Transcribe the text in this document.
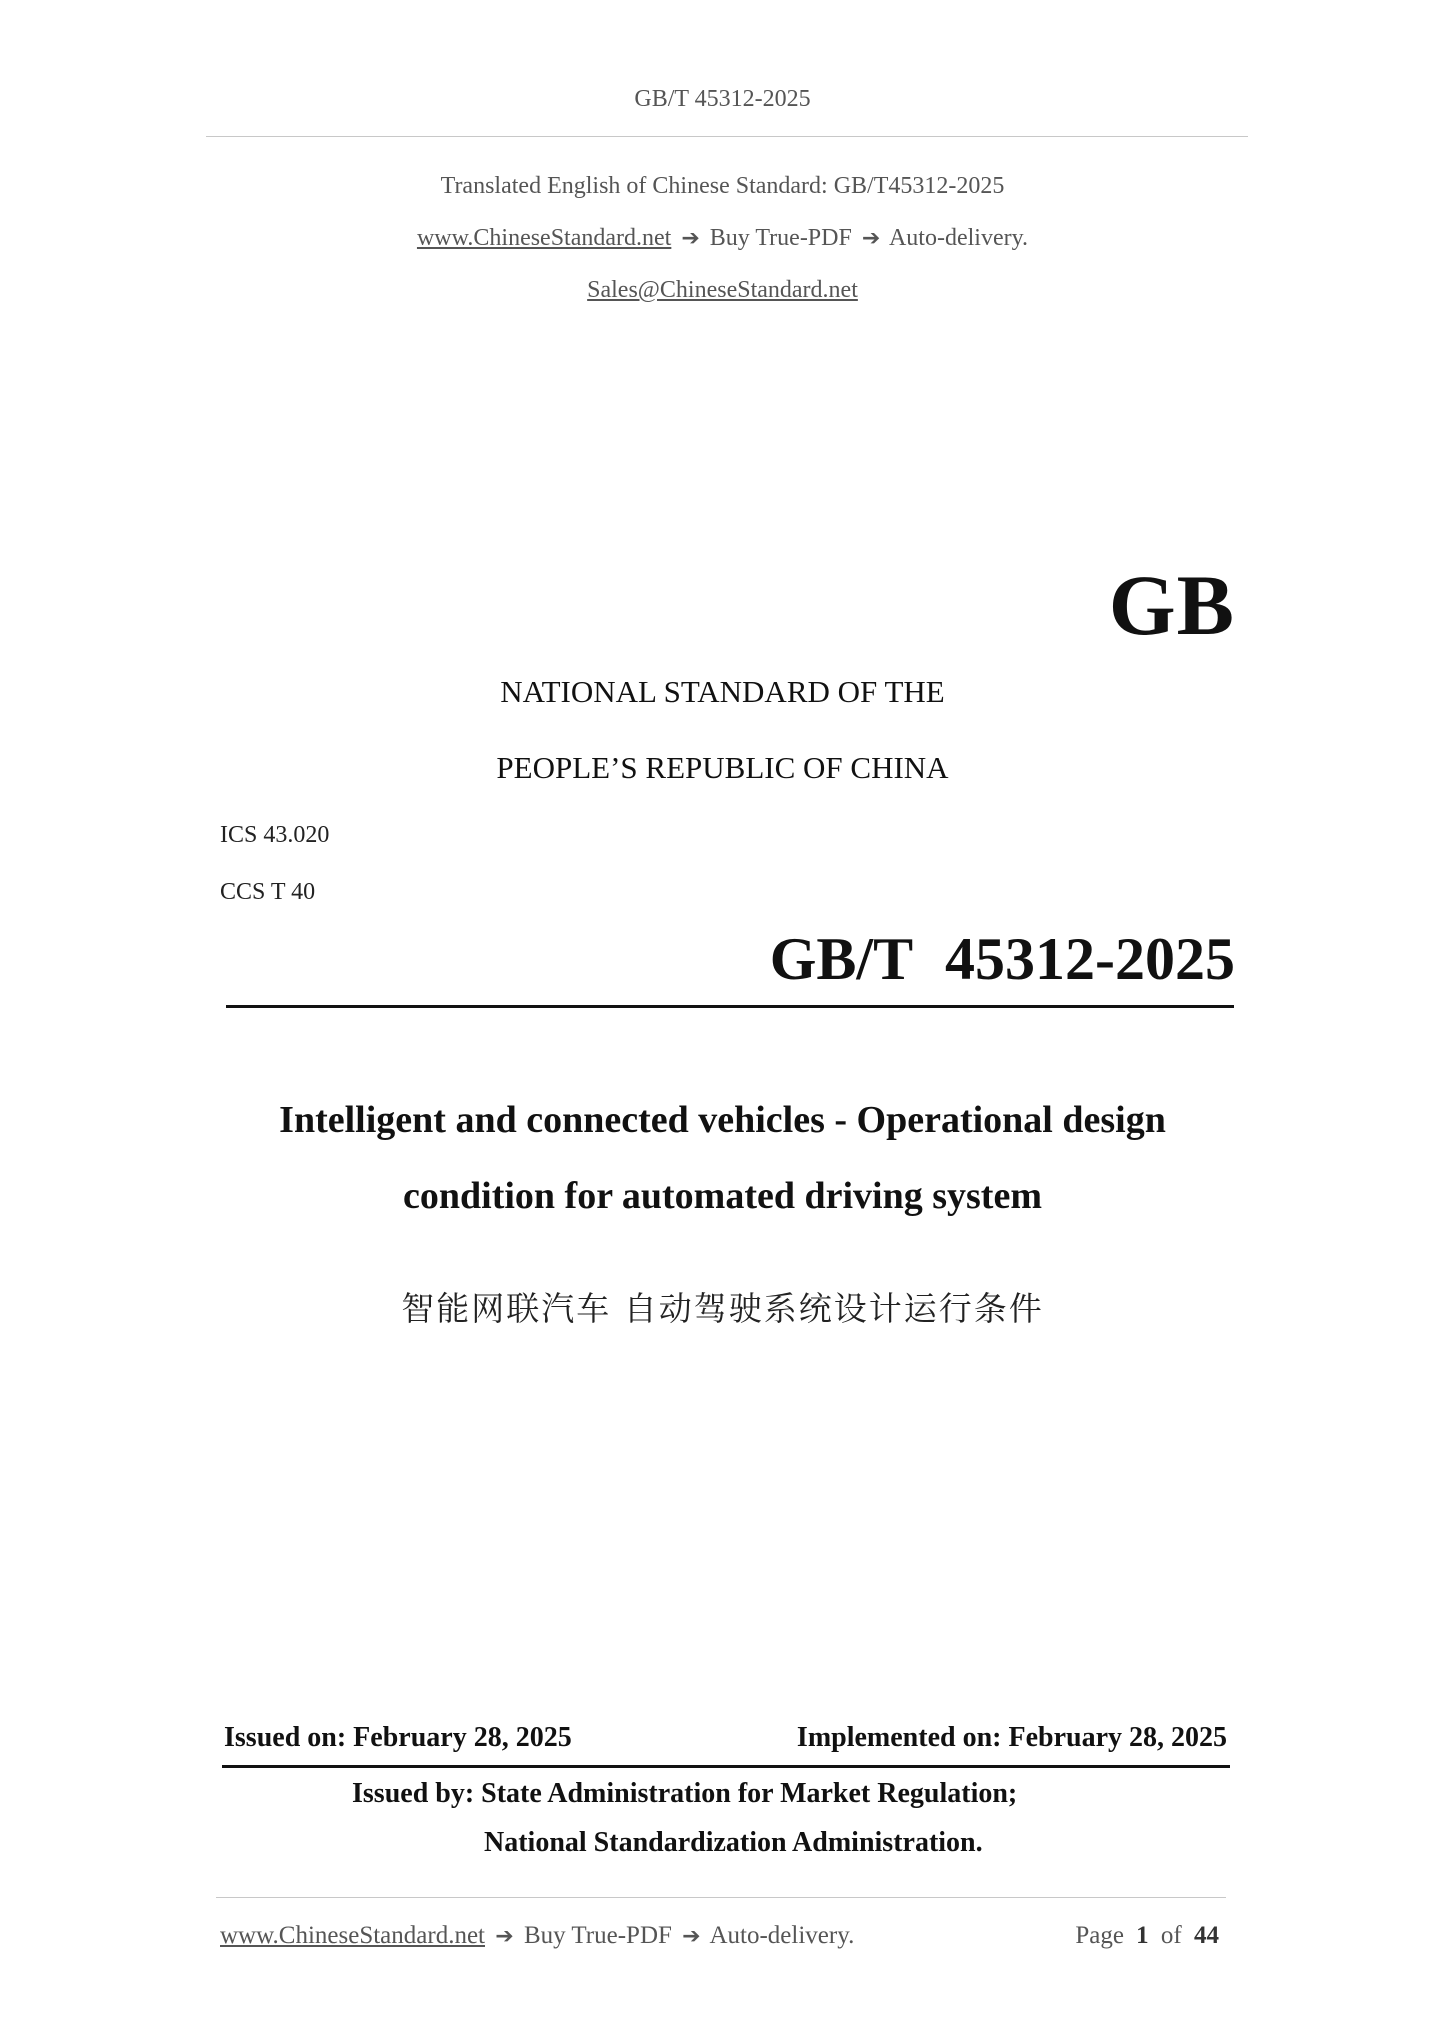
GB/T 45312-2025
Translated English of Chinese Standard: GB/T45312-2025
www.ChineseStandard.net ➔ Buy True-PDF ➔ Auto-delivery.
Sales@ChineseStandard.net
GB
NATIONAL STANDARD OF THE
PEOPLE’S REPUBLIC OF CHINA
ICS 43.020
CCS T 40
GB/T 45312-2025
Intelligent and connected vehicles - Operational design
condition for automated driving system
智能网联汽车 自动驾驶系统设计运行条件
Issued on: February 28, 2025	Implemented on: February 28, 2025
Issued by: State Administration for Market Regulation;
National Standardization Administration.
www.ChineseStandard.net ➔ Buy True-PDF ➔ Auto-delivery.	Page 1 of 44
